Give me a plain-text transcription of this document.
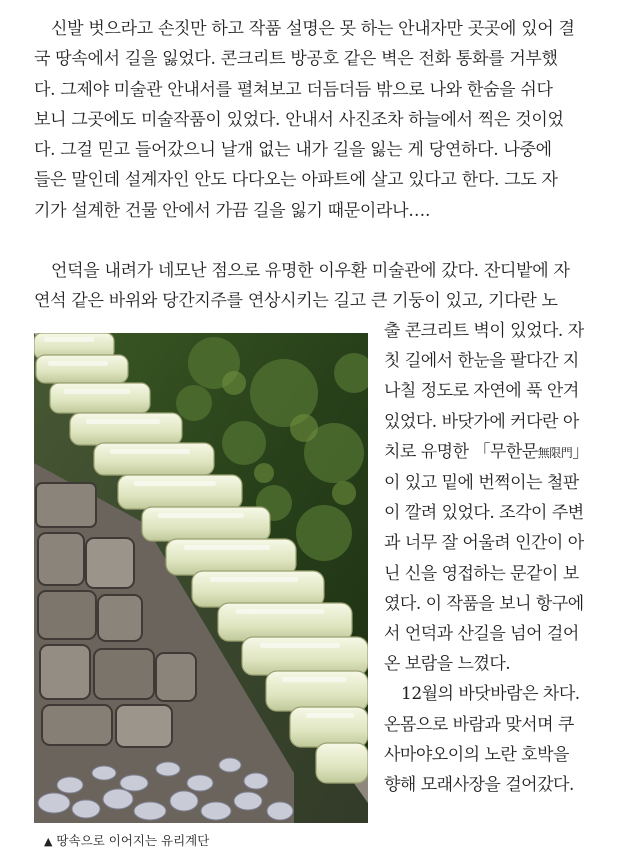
신발 벗으라고 손짓만 하고 작품 설명은 못 하는 안내자만 곳곳에 있어 결
국 땅속에서 길을 잃었다. 콘크리트 방공호 같은 벽은 전화 통화를 거부했
다. 그제야 미술관 안내서를 펼쳐보고 더듬더듬 밖으로 나와 한숨을 쉬다
보니 그곳에도 미술작품이 있었다. 안내서 사진조차 하늘에서 찍은 것이었
다. 그걸 믿고 들어갔으니 날개 없는 내가 길을 잃는 게 당연하다. 나중에
들은 말인데 설계자인 안도 다다오는 아파트에 살고 있다고 한다. 그도 자
기가 설계한 건물 안에서 가끔 길을 잃기 때문이라나….
언덕을 내려가 네모난 점으로 유명한 이우환 미술관에 갔다. 잔디밭에 자
연석 같은 바위와 당간지주를 연상시키는 길고 큰 기둥이 있고, 기다란 노
출 콘크리트 벽이 있었다. 자
칫 길에서 한눈을 팔다간 지
나칠 정도로 자연에 푹 안겨
있었다. 바닷가에 커다란 아
치로 유명한 「무한문無限門」
이 있고 밑에 번쩍이는 철판
이 깔려 있었다. 조각이 주변
과 너무 잘 어울려 인간이 아
닌 신을 영접하는 문같이 보
였다. 이 작품을 보니 항구에
서 언덕과 산길을 넘어 걸어
온 보람을 느꼈다.
12월의 바닷바람은 차다.
온몸으로 바람과 맞서며 쿠
사마야오이의 노란 호박을
향해 모래사장을 걸어갔다.
▲ 땅속으로 이어지는 유리계단
